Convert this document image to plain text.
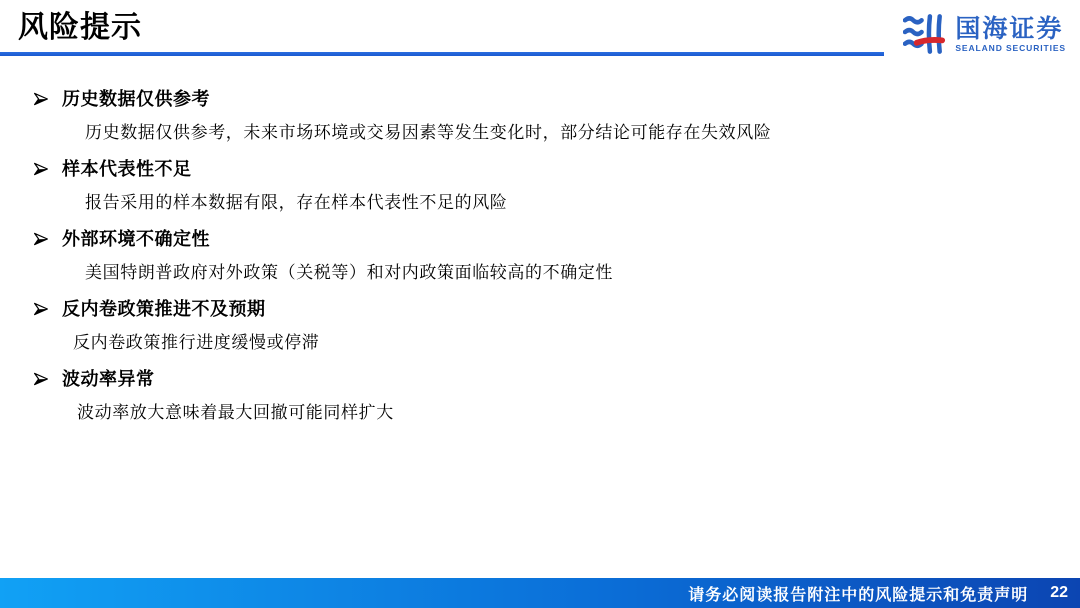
风险提示	国海证券
SEALAND SECURITIES
历史数据仅供参考

历史数据仅供参考，未来市场环境或交易因素等发生变化时，部分结论可能存在失效风险

样本代表性不足

报告采用的样本数据有限，存在样本代表性不足的风险

外部环境不确定性

美国特朗普政府对外政策（关税等）和对内政策面临较高的不确定性

反内卷政策推进不及预期

反内卷政策推行进度缓慢或停滞

波动率异常

波动率放大意味着最大回撤可能同样扩大

请务必阅读报告附注中的风险提示和免责声明 22
